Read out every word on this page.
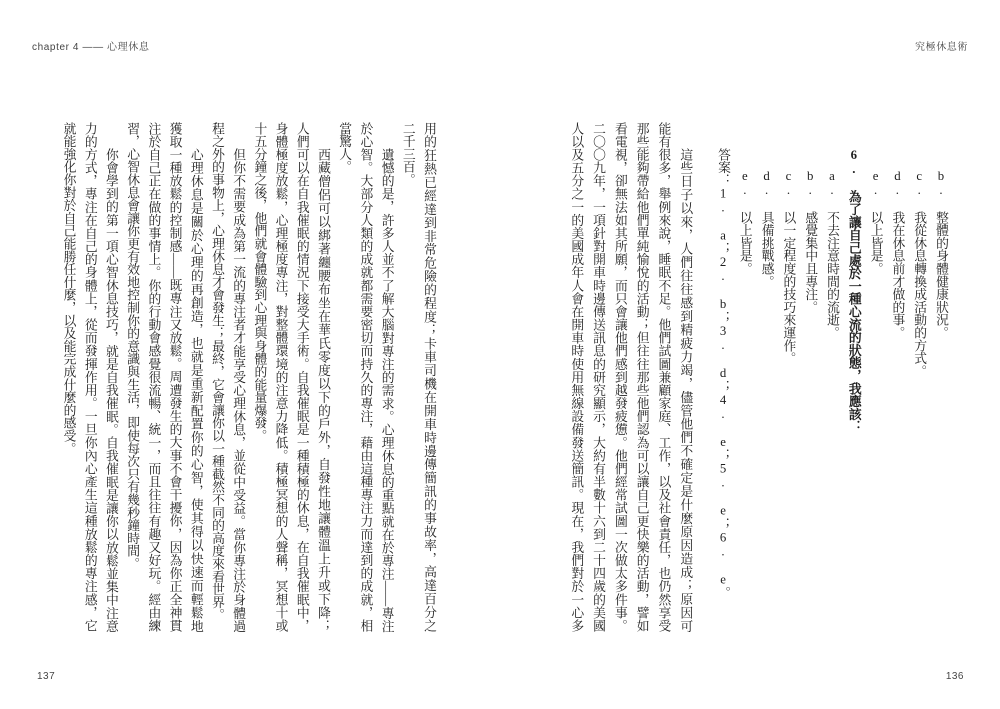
chapter 4 —— 心理休息	究極休息術
b. 整體的身體健康狀況。
c. 我從休息轉換成活動的方式。
d. 我在休息前才做的事。
e. 以上皆是。
6. 為了讓自己處於一種心流的狀態，我應該：
a. 不去注意時間的流逝。
b. 感覺集中且專注。
c. 以一定程度的技巧來運作。
d. 具備挑戰感。
e. 以上皆是。
答案：1. a；2. b；3. d；4. e；5. e；6. e。
這些日子以來，人們往往感到精疲力竭，儘管他們不確定是什麼原因造成；原因可
能有很多，舉例來說，睡眠不足。他們試圖兼顧家庭、工作，以及社會責任，也仍然享受
那些能夠帶給他們單純愉悅的活動；但往往那些他們認為可以讓自己更快樂的活動，譬如
看電視，卻無法如其所願，而只會讓他們感到越發疲憊。他們經常試圖一次做太多件事。
二〇〇九年，一項針對開車時邊傳送訊息的研究顯示，大約有半數十六到二十四歲的美國
人以及五分之一的美國成年人會在開車時使用無線設備發送簡訊。現在，我們對於一心多
用的狂熱已經達到非常危險的程度；卡車司機在開車時邊傳簡訊的事故率，高達百分之
二千三百。
遺憾的是，許多人並不了解大腦對專注的需求。心理休息的重點就在於專注——專注
於心智。大部分人類的成就都需要密切而持久的專注，藉由這種專注力而達到的成就，相
當驚人。
西藏僧侶可以綁著纏腰布坐在華氏零度以下的戶外，自發性地讓體溫上升或下降；
人們可以在自我催眠的情況下接受大手術。自我催眠是一種積極的休息，在自我催眠中，
身體極度放鬆，心理極度專注，對整體環境的注意力降低。積極冥想的人聲稱，冥想十或
十五分鐘之後，他們就會體驗到心理與身體的能量爆發。
但你不需要成為第一流的專注者才能享受心理休息，並從中受益。當你專注於身體過
程之外的事物上，心理休息才會發生；最終，它會讓你以一種截然不同的高度來看世界。
心理休息是關於心理的再創造，也就是重新配置你的心智，使其得以快速而輕鬆地
獲取一種放鬆的控制感——既專注又放鬆。周遭發生的大事不會干擾你，因為你正全神貫
注於自己正在做的事情上。你的行動會感覺很流暢、統一，而且往往有趣又好玩。經由練
習，心智休息會讓你更有效地控制你的意識與生活，即使每次只有幾秒鐘時間。
你會學到的第一項心智休息技巧，就是自我催眠。自我催眠是讓你以放鬆並集中注意
力的方式，專注在自己的身體上，從而發揮作用。一旦你內心產生這種放鬆的專注感，它
就能強化你對於自己能勝任什麼，以及能完成什麼的感受。
137	136
